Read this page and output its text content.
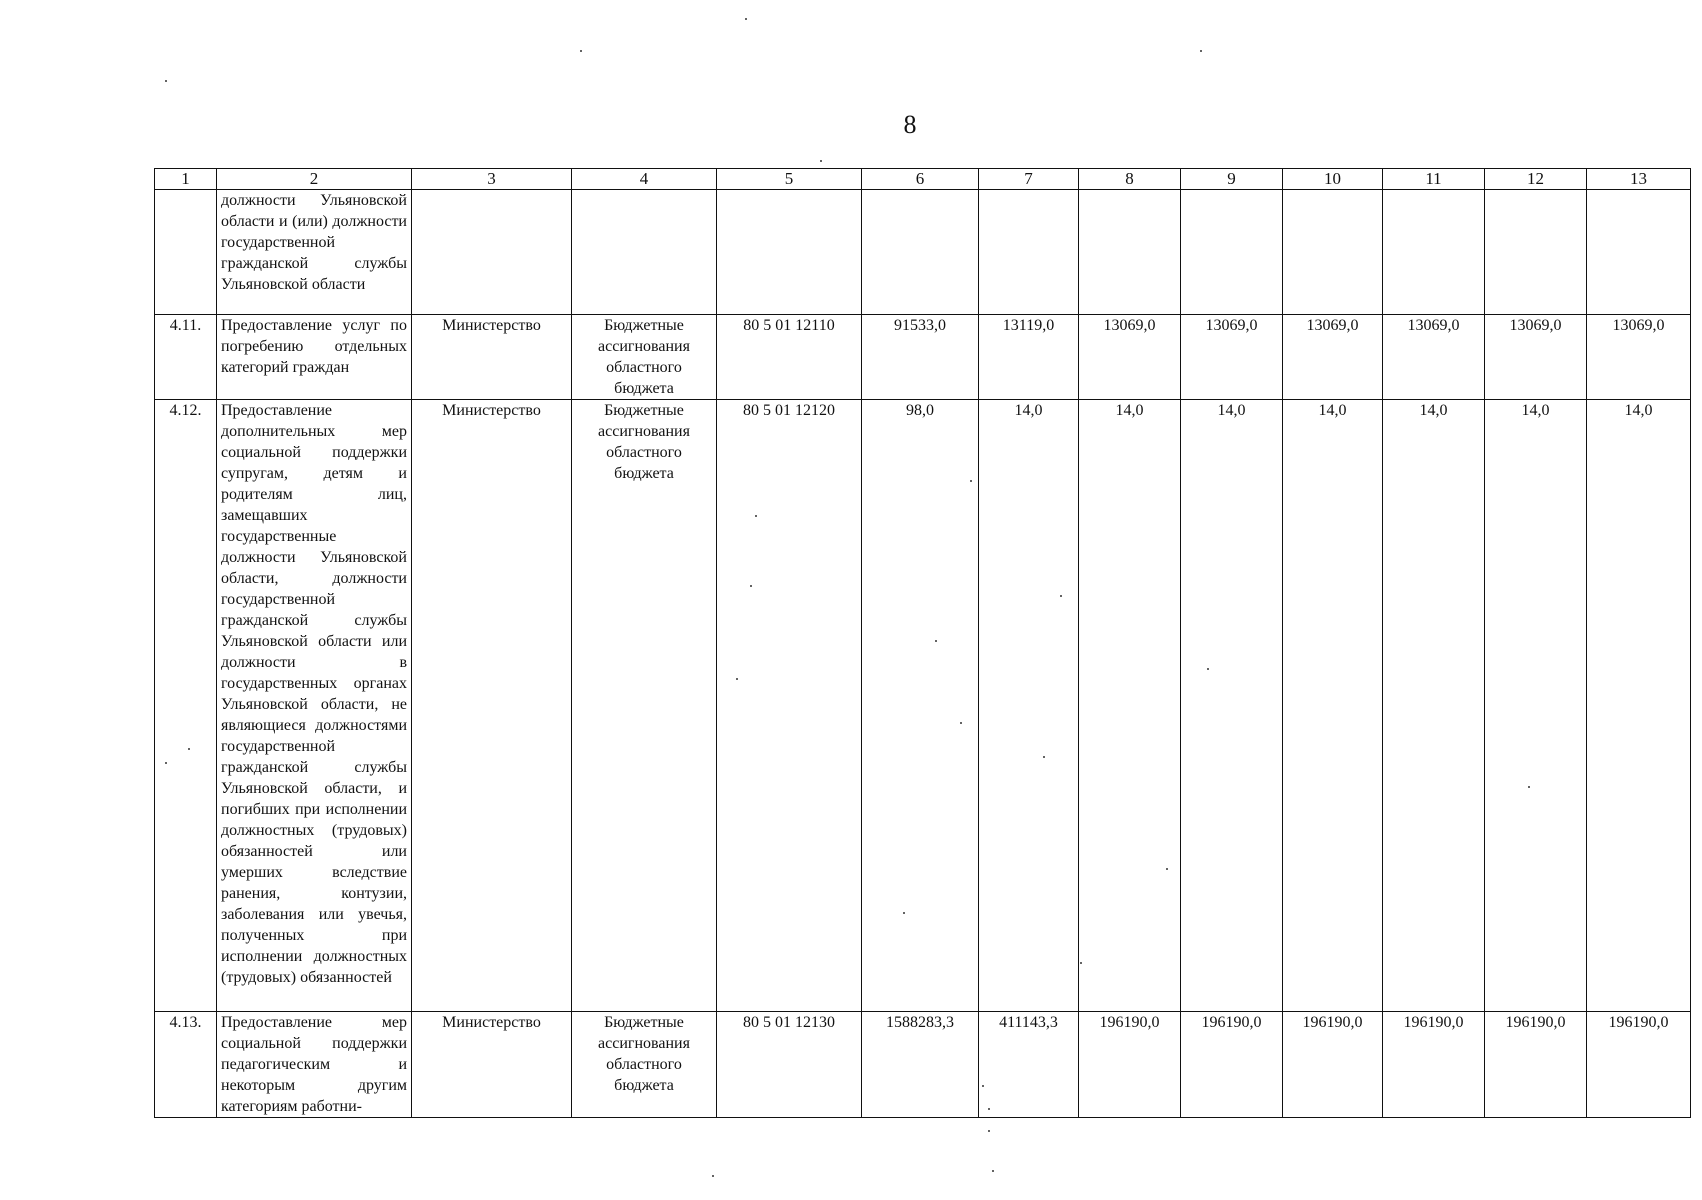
8
1	2	3	4	5	6	7	8	9	10	11	12	13
	должности Ульяновской области и (или) должности государственной гражданской службы Ульяновской области											
4.11.	Предоставление услуг по погребению отдельных категорий граждан	Министерство	Бюджетные ассигнования областного бюджета	80 5 01 12110	91533,0	13119,0	13069,0	13069,0	13069,0	13069,0	13069,0	13069,0
4.12.	Предоставление дополнительных мер социальной поддержки супругам, детям и родителям лиц, замещавших государственные должности Ульяновской области, должности государственной гражданской службы Ульяновской области или должности в государственных органах Ульяновской области, не являющиеся должностями государственной гражданской службы Ульяновской области, и погибших при исполнении должностных (трудовых) обязанностей или умерших вследствие ранения, контузии, заболевания или увечья, полученных при исполнении должностных (трудовых) обязанностей	Министерство	Бюджетные ассигнования областного бюджета	80 5 01 12120	98,0	14,0	14,0	14,0	14,0	14,0	14,0	14,0
4.13.	Предоставление мер социальной поддержки педагогическим и некоторым другим категориям работни-	Министерство	Бюджетные ассигнования областного бюджета	80 5 01 12130	1588283,3	411143,3	196190,0	196190,0	196190,0	196190,0	196190,0	196190,0
